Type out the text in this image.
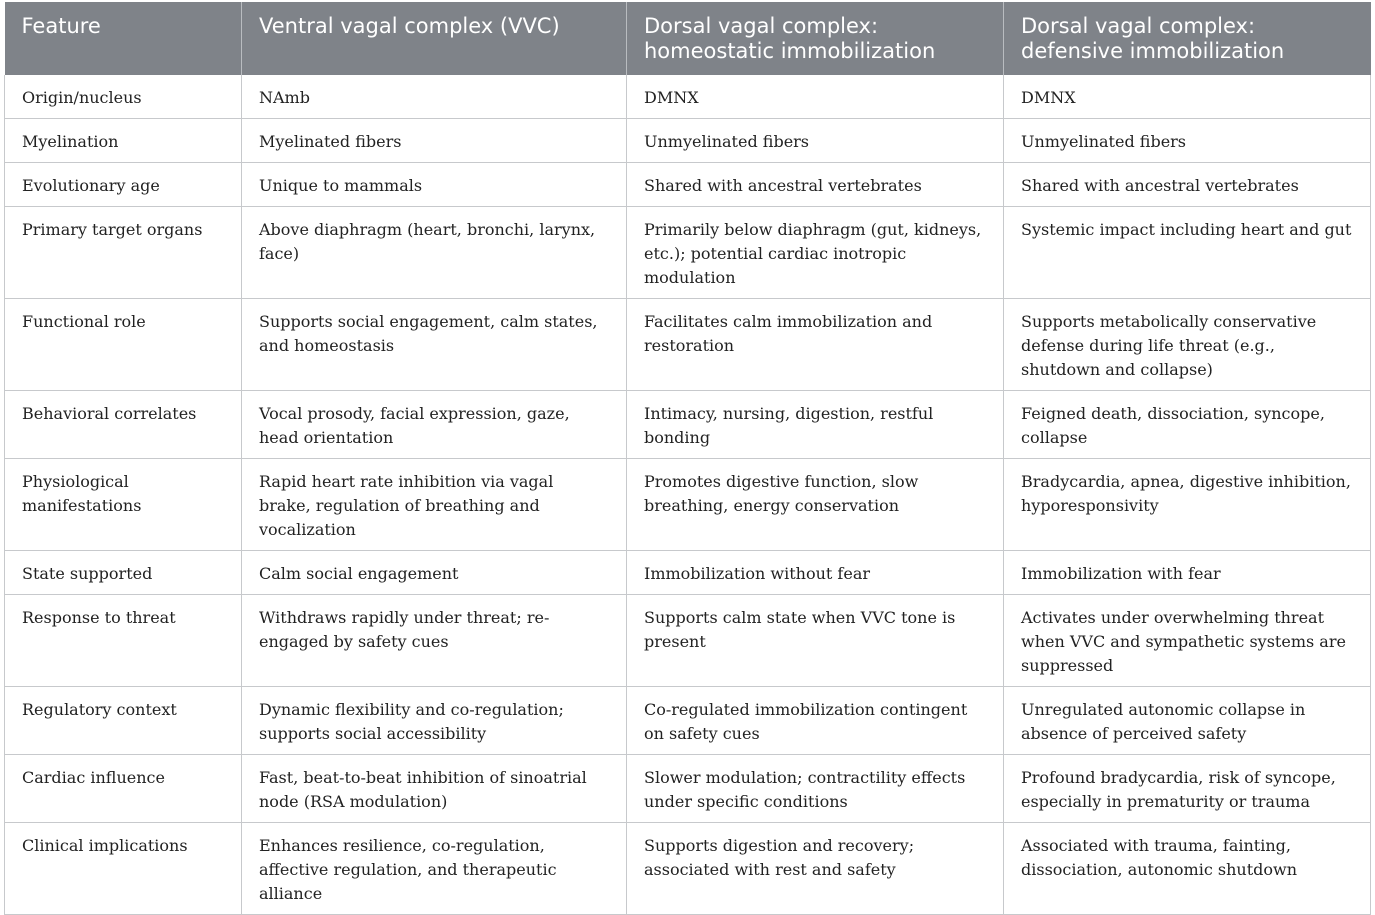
Feature	Ventral vagal complex (VVC)	Dorsal vagal complex: homeostatic immobilization	Dorsal vagal complex: defensive immobilization
Origin/nucleus	NAmb	DMNX	DMNX
Myelination	Myelinated fibers	Unmyelinated fibers	Unmyelinated fibers
Evolutionary age	Unique to mammals	Shared with ancestral vertebrates	Shared with ancestral vertebrates
Primary target organs	Above diaphragm (heart, bronchi, larynx, face)	Primarily below diaphragm (gut, kidneys, etc.); potential cardiac inotropic modulation	Systemic impact including heart and gut
Functional role	Supports social engagement, calm states, and homeostasis	Facilitates calm immobilization and restoration	Supports metabolically conservative defense during life threat (e.g., shutdown and collapse)
Behavioral correlates	Vocal prosody, facial expression, gaze, head orientation	Intimacy, nursing, digestion, restful bonding	Feigned death, dissociation, syncope, collapse
Physiological manifestations	Rapid heart rate inhibition via vagal brake, regulation of breathing and vocalization	Promotes digestive function, slow breathing, energy conservation	Bradycardia, apnea, digestive inhibition, hyporesponsivity
State supported	Calm social engagement	Immobilization without fear	Immobilization with fear
Response to threat	Withdraws rapidly under threat; re-engaged by safety cues	Supports calm state when VVC tone is present	Activates under overwhelming threat when VVC and sympathetic systems are suppressed
Regulatory context	Dynamic flexibility and co-regulation; supports social accessibility	Co-regulated immobilization contingent on safety cues	Unregulated autonomic collapse in absence of perceived safety
Cardiac influence	Fast, beat-to-beat inhibition of sinoatrial node (RSA modulation)	Slower modulation; contractility effects under specific conditions	Profound bradycardia, risk of syncope, especially in prematurity or trauma
Clinical implications	Enhances resilience, co-regulation, affective regulation, and therapeutic alliance	Supports digestion and recovery; associated with rest and safety	Associated with trauma, fainting, dissociation, autonomic shutdown
